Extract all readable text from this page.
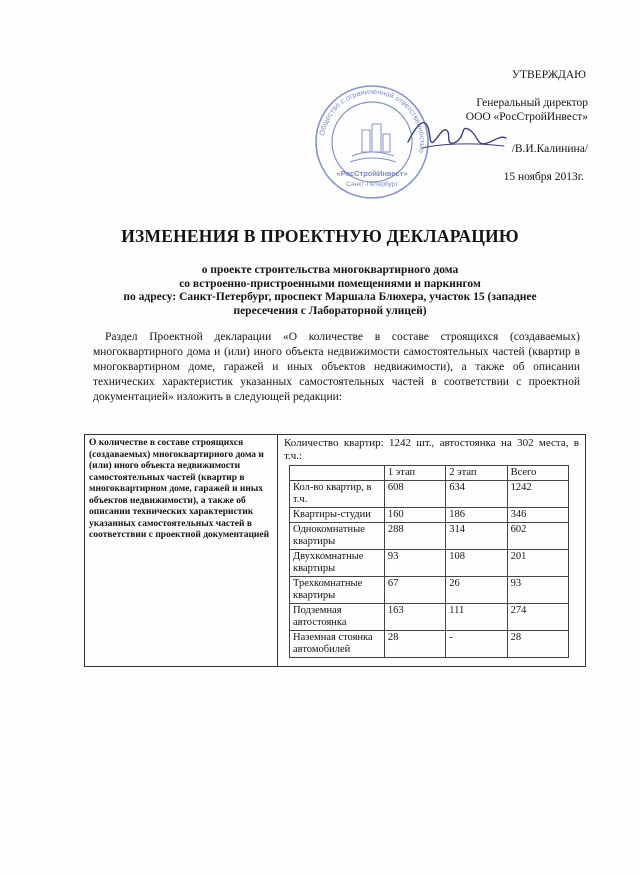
УТВЕРЖДАЮ
Генеральный директор
ООО «РосСтройИнвест»
/В.И.Калинина/
15 ноября 2013г.
Общество с ограниченной ответственностью
«РосСтройИнвест»
Санкт-Петербург
ИЗМЕНЕНИЯ В ПРОЕКТНУЮ ДЕКЛАРАЦИЮ
о проекте строительства многоквартирного дома
со встроенно-пристроенными помещениями и паркингом
по адресу: Санкт-Петербург, проспект Маршала Блюхера, участок 15 (западнее пересечения с Лабораторной улицей)
Раздел Проектной декларации «О количестве в составе строящихся (создаваемых) многоквартирного дома и (или) иного объекта недвижимости самостоятельных частей (квартир в многоквартирном доме, гаражей и иных объектов недвижимости), а также об описании технических характеристик указанных самостоятельных частей в соответствии с проектной документацией» изложить в следующей редакции:
О количестве в составе строящихся (создаваемых) многоквартирного дома и (или) иного объекта недвижимости самостоятельных частей (квартир в многоквартирном доме, гаражей и иных объектов недвижимости), а также об описании технических характеристик указанных самостоятельных частей в соответствии с проектной документацией	
Количество квартир: 1242 шт., автостоянка на 302 места, в т.ч.:
	1 этап	2 этап	Всего
Кол-во квартир, в т.ч.	608	634	1242
Квартиры-студии	160	186	346
Однокомнатные квартиры	288	314	602
Двухкомнатные квартиры	93	108	201
Трехкомнатные квартиры	67	26	93
Подземная автостоянка	163	111	274
Наземная стоянка автомобилей	28	-	28
